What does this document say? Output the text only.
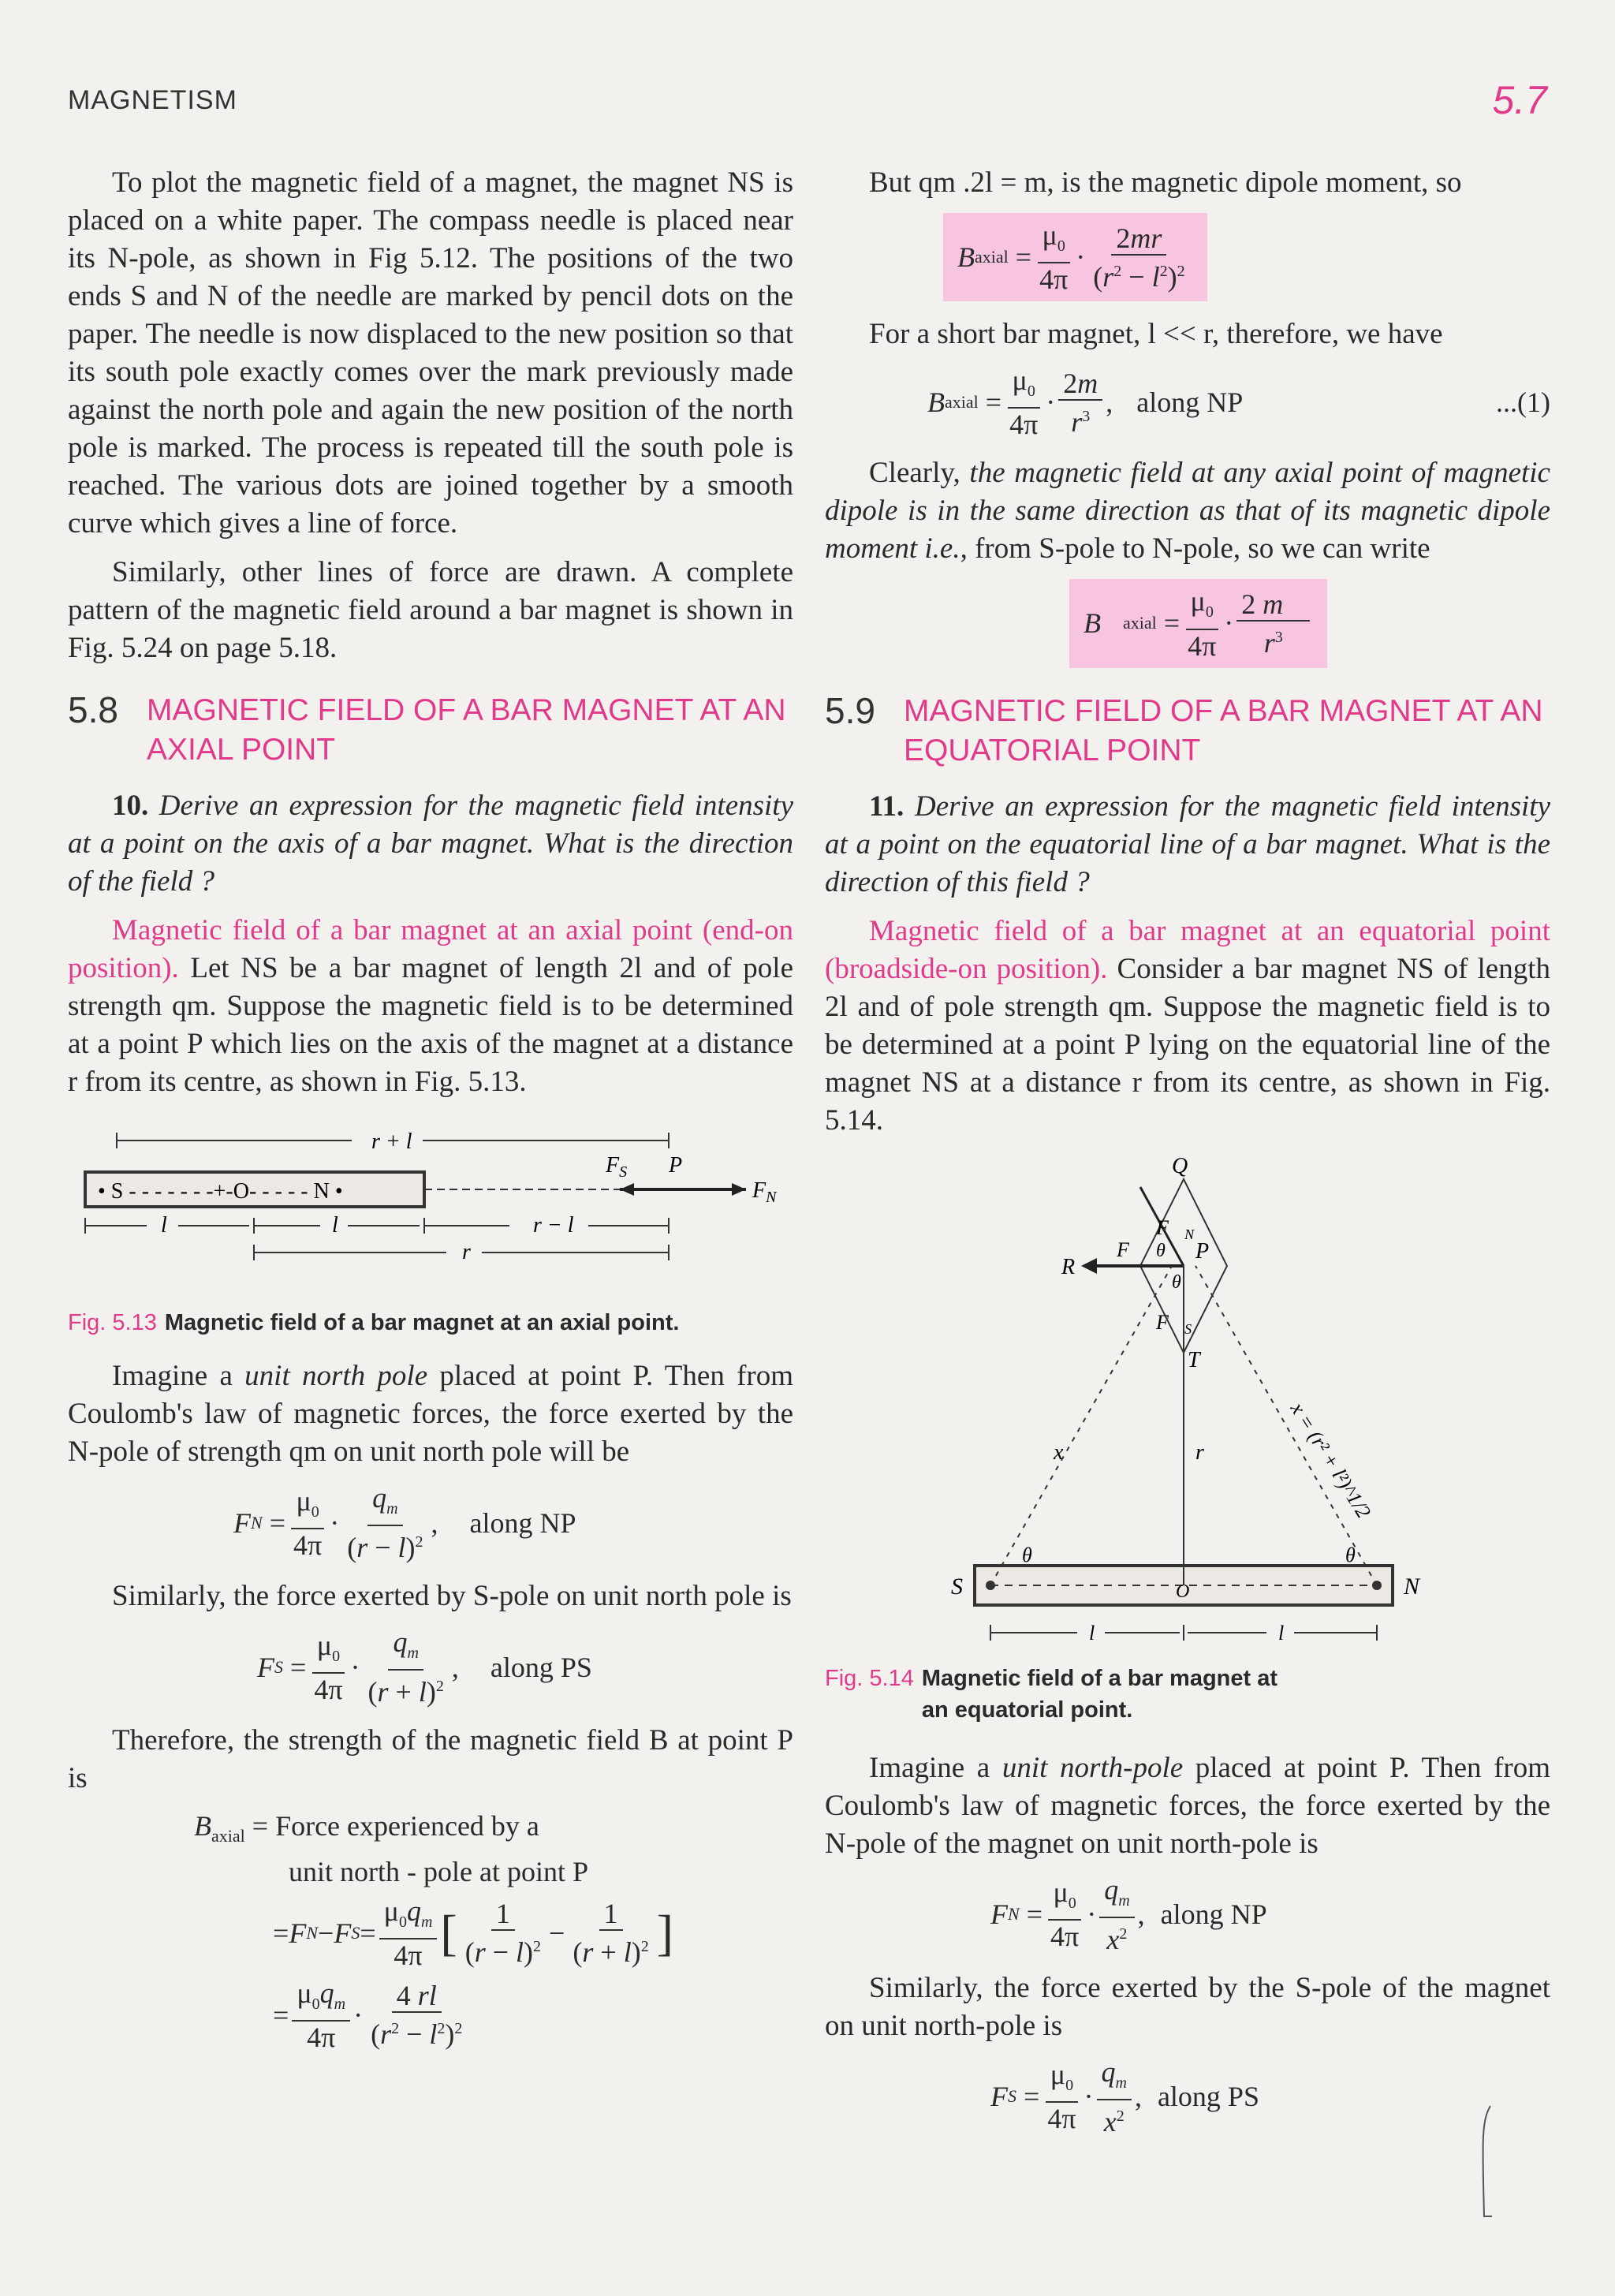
MAGNETISM	5.7

To plot the magnetic field of a magnet, the magnet NS is placed on a white paper. The compass needle is placed near its N-pole, as shown in Fig 5.12. The positions of the two ends S and N of the needle are marked by pencil dots on the paper. The needle is now displaced to the new position so that its south pole exactly comes over the mark previously made against the north pole and again the new position of the north pole is marked. The process is repeated till the south pole is reached. The various dots are joined together by a smooth curve which gives a line of force.

Similarly, other lines of force are drawn. A complete pattern of the magnetic field around a bar magnet is shown in Fig. 5.24 on page 5.18.

5.8 MAGNETIC FIELD OF A BAR MAGNET AT AN AXIAL POINT

10. Derive an expression for the magnetic field intensity at a point on the axis of a bar magnet. What is the direction of the field ?

Magnetic field of a bar magnet at an axial point (end-on position). Let NS be a bar magnet of length 2l and of pole strength qm. Suppose the magnetic field is to be determined at a point P which lies on the axis of the magnet at a distance r from its centre, as shown in Fig. 5.13.

r + l
• S - - - - - - -+-O- - - - - N •
$F_S$ P
$F_N$
l	l	r − l
r
Fig. 5.13 Magnetic field of a bar magnet at an axial point.

Imagine a unit north pole placed at point P. Then from Coulomb's law of magnetic forces, the force exerted by the N-pole of strength qm on unit north pole will be

F $N = \frac{\mu_0}{4\pi} \cdot \frac{q_m}{(r - l)^2}$ , along NP

Similarly, the force exerted by S-pole on unit north pole is

F $S = \frac{\mu_0}{4\pi} \cdot \frac{q_m}{(r + l)^2}$ , along PS

Therefore, the strength of the magnetic field B at point P is

$B_{axial}$ = Force experienced by a
unit north - pole at point P
= F N − F $S = \frac{\mu_0q_m}{4\pi}$ [ $\frac{1}{(r - l)^2} - \frac{1}{(r + l)^2}$ ]
= $\frac{\mu_0q_m}{4\pi} \cdot \frac{4 rl}{(r^2 - l^2)^2}$

But qm .2l = m, is the magnetic dipole moment, so

B axial = $\frac{\mu_0}{4\pi} \cdot \frac{2mr}{(r^2 - l^2)^2}$

For a short bar magnet, l << r, therefore, we have

B axial = $\frac{\mu_0}{4\pi} \cdot \frac{2m}{r^3}$ , along NP	...(1)

Clearly, the magnetic field at any axial point of magnetic dipole is in the same direction as that of its magnetic dipole moment i.e., from S-pole to N-pole, so we can write

B⃗ axial = $\frac{\mu_0}{4\pi} \cdot \frac{2 m⃗}{r^3}$
5.9 MAGNETIC FIELD OF A BAR MAGNET AT AN EQUATORIAL POINT

11. Derive an expression for the magnetic field intensity at a point on the equatorial line of a bar magnet. What is the direction of this field ?

Magnetic field of a bar magnet at an equatorial point (broadside-on position). Consider a bar magnet NS of length 2l and of pole strength qm. Suppose the magnetic field is to be determined at a point P lying on the equatorial line of the magnet NS at a distance r from its centre, as shown in Fig. 5.14.

S	N
O
r
x	x = (r² + l²)^1/2
θ	θ
Q
R
P
T
$F⃗_N$
F⃗
$F⃗_S$
θ
θ
l	l
Fig. 5.14 Magnetic field of a bar magnet at an equatorial point.

Imagine a unit north-pole placed at point P. Then from Coulomb's law of magnetic forces, the force exerted by the N-pole of the magnet on unit north-pole is

F $N = \frac{\mu_0}{4\pi} \cdot \frac{q_m}{x^2}$ , along NP

Similarly, the force exerted by the S-pole of the magnet on unit north-pole is

F $S = \frac{\mu_0}{4\pi} \cdot \frac{q_m}{x^2}$ , along PS
